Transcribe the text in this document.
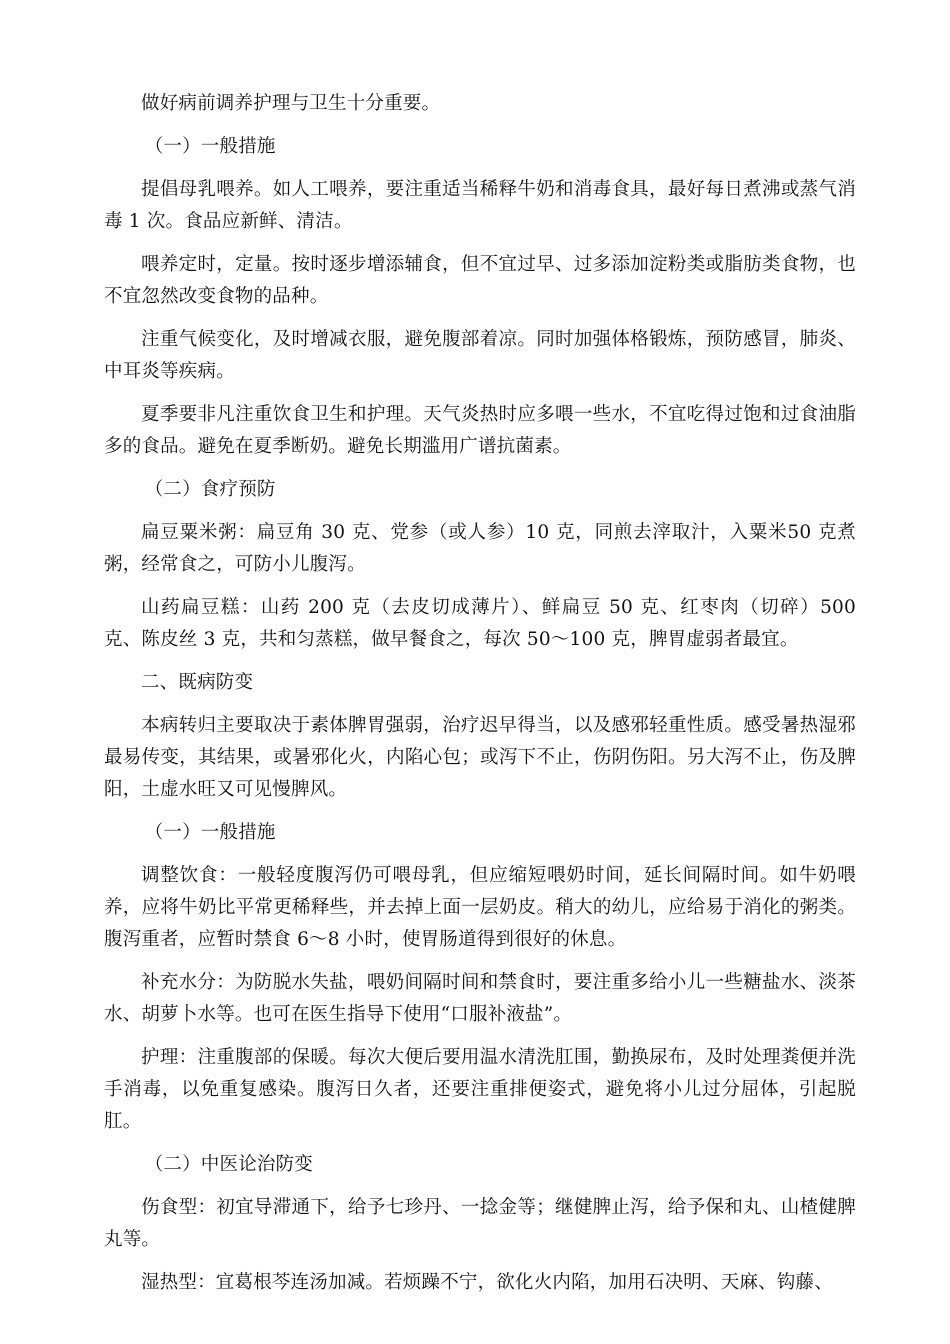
做好病前调养护理与卫生十分重要。

（一）一般措施

提倡母乳喂养。如人工喂养，要注重适当稀释牛奶和消毒食具，最好每日煮沸或蒸气消毒 1 次。食品应新鲜、清洁。

喂养定时，定量。按时逐步增添辅食，但不宜过早、过多添加淀粉类或脂肪类食物，也不宜忽然改变食物的品种。

注重气候变化，及时增减衣服，避免腹部着凉。同时加强体格锻炼，预防感冒，肺炎、中耳炎等疾病。

夏季要非凡注重饮食卫生和护理。天气炎热时应多喂一些水，不宜吃得过饱和过食油脂多的食品。避免在夏季断奶。避免长期滥用广谱抗菌素。

（二）食疗预防

扁豆粟米粥：扁豆角 30 克、党参（或人参）10 克，同煎去滓取汁，入粟米50 克煮粥，经常食之，可防小儿腹泻。

山药扁豆糕：山药 200 克（去皮切成薄片）、鲜扁豆 50 克、红枣肉（切碎）500 克、陈皮丝 3 克，共和匀蒸糕，做早餐食之，每次 50～100 克，脾胃虚弱者最宜。

二、既病防变

本病转归主要取决于素体脾胃强弱，治疗迟早得当，以及感邪轻重性质。感受暑热湿邪最易传变，其结果，或暑邪化火，内陷心包；或泻下不止，伤阴伤阳。另大泻不止，伤及脾阳，土虚水旺又可见慢脾风。

（一）一般措施

调整饮食：一般轻度腹泻仍可喂母乳，但应缩短喂奶时间，延长间隔时间。如牛奶喂养，应将牛奶比平常更稀释些，并去掉上面一层奶皮。稍大的幼儿，应给易于消化的粥类。腹泻重者，应暂时禁食 6～8 小时，使胃肠道得到很好的休息。

补充水分：为防脱水失盐，喂奶间隔时间和禁食时，要注重多给小儿一些糖盐水、淡茶水、胡萝卜水等。也可在医生指导下使用“口服补液盐”。

护理：注重腹部的保暖。每次大便后要用温水清洗肛围，勤换尿布，及时处理粪便并洗手消毒，以免重复感染。腹泻日久者，还要注重排便姿式，避免将小儿过分屈体，引起脱肛。

（二）中医论治防变

伤食型：初宜导滞通下，给予七珍丹、一捻金等；继健脾止泻，给予保和丸、山楂健脾丸等。

湿热型：宜葛根芩连汤加减。若烦躁不宁，欲化火内陷，加用石决明、天麻、钩藤、
